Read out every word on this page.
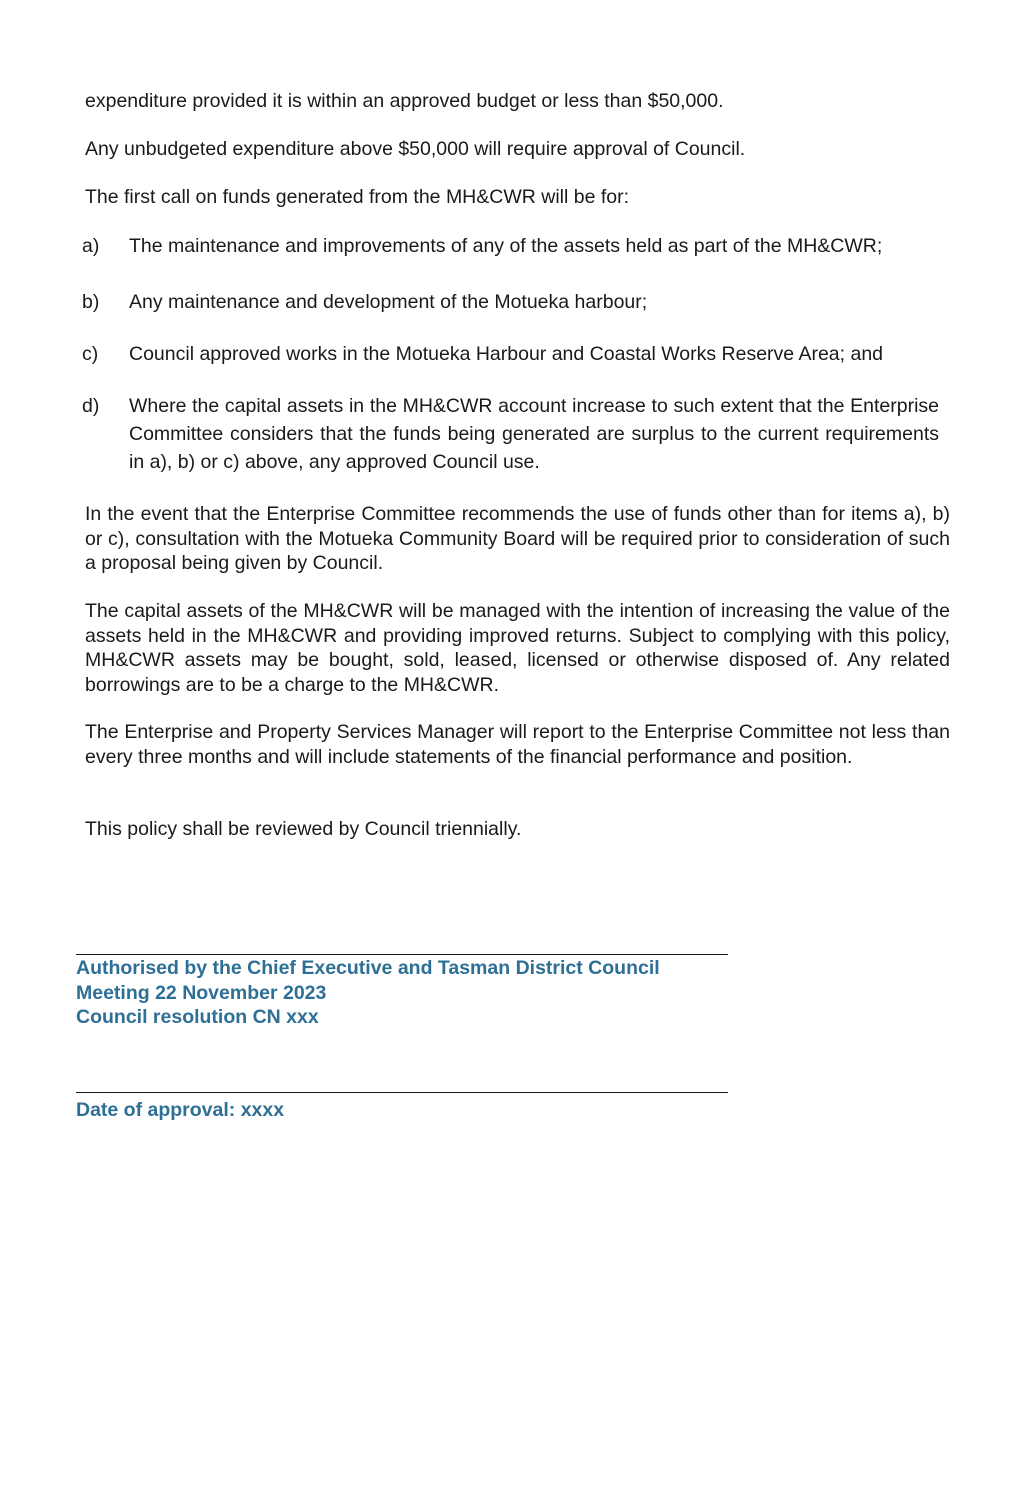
expenditure provided it is within an approved budget or less than $50,000.

Any unbudgeted expenditure above $50,000 will require approval of Council.

The first call on funds generated from the MH&CWR will be for:

a)	The maintenance and improvements of any of the assets held as part of the MH&CWR;
b)	Any maintenance and development of the Motueka harbour;
c)	Council approved works in the Motueka Harbour and Coastal Works Reserve Area; and
d)	Where the capital assets in the MH&CWR account increase to such extent that the Enterprise Committee considers that the funds being generated are surplus to the current requirements in a), b) or c) above, any approved Council use.

In the event that the Enterprise Committee recommends the use of funds other than for items a), b) or c), consultation with the Motueka Community Board will be required prior to consideration of such a proposal being given by Council.

The capital assets of the MH&CWR will be managed with the intention of increasing the value of the assets held in the MH&CWR and providing improved returns. Subject to complying with this policy, MH&CWR assets may be bought, sold, leased, licensed or otherwise disposed of. Any related borrowings are to be a charge to the MH&CWR.

The Enterprise and Property Services Manager will report to the Enterprise Committee not less than every three months and will include statements of the financial performance and position.

This policy shall be reviewed by Council triennially.

Authorised by the Chief Executive and Tasman District Council
Meeting 22 November 2023
Council resolution CN xxx
Date of approval: xxxx
